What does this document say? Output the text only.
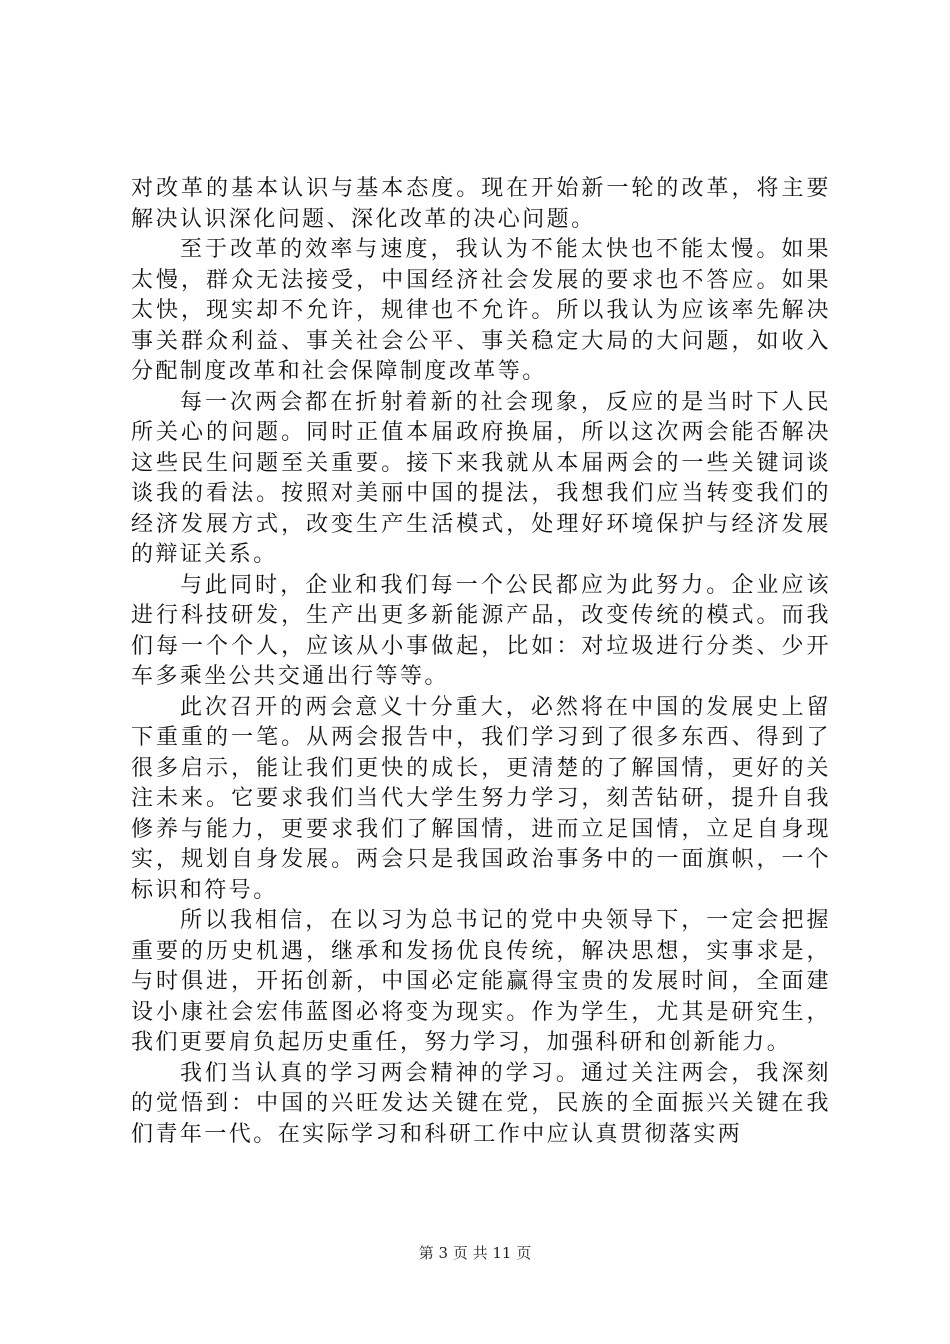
对改革的基本认识与基本态度。现在开始新一轮的改革，将主要解决认识深化问题、深化改革的决心问题。

至于改革的效率与速度，我认为不能太快也不能太慢。如果太慢，群众无法接受，中国经济社会发展的要求也不答应。如果太快，现实却不允许，规律也不允许。所以我认为应该率先解决事关群众利益、事关社会公平、事关稳定大局的大问题，如收入分配制度改革和社会保障制度改革等。

每一次两会都在折射着新的社会现象，反应的是当时下人民所关心的问题。同时正值本届政府换届，所以这次两会能否解决这些民生问题至关重要。接下来我就从本届两会的一些关键词谈谈我的看法。按照对美丽中国的提法，我想我们应当转变我们的经济发展方式，改变生产生活模式，处理好环境保护与经济发展的辩证关系。

与此同时，企业和我们每一个公民都应为此努力。企业应该进行科技研发，生产出更多新能源产品，改变传统的模式。而我们每一个个人，应该从小事做起，比如：对垃圾进行分类、少开车多乘坐公共交通出行等等。

此次召开的两会意义十分重大，必然将在中国的发展史上留下重重的一笔。从两会报告中，我们学习到了很多东西、得到了很多启示，能让我们更快的成长，更清楚的了解国情，更好的关注未来。它要求我们当代大学生努力学习，刻苦钻研，提升自我修养与能力，更要求我们了解国情，进而立足国情，立足自身现实，规划自身发展。两会只是我国政治事务中的一面旗帜，一个标识和符号。

所以我相信，在以习为总书记的党中央领导下，一定会把握重要的历史机遇，继承和发扬优良传统，解决思想，实事求是，与时俱进，开拓创新，中国必定能赢得宝贵的发展时间，全面建设小康社会宏伟蓝图必将变为现实。作为学生，尤其是研究生，我们更要肩负起历史重任，努力学习，加强科研和创新能力。

我们当认真的学习两会精神的学习。通过关注两会，我深刻的觉悟到：中国的兴旺发达关键在党，民族的全面振兴关键在我们青年一代。在实际学习和科研工作中应认真贯彻落实两

第 3 页 共 11 页
